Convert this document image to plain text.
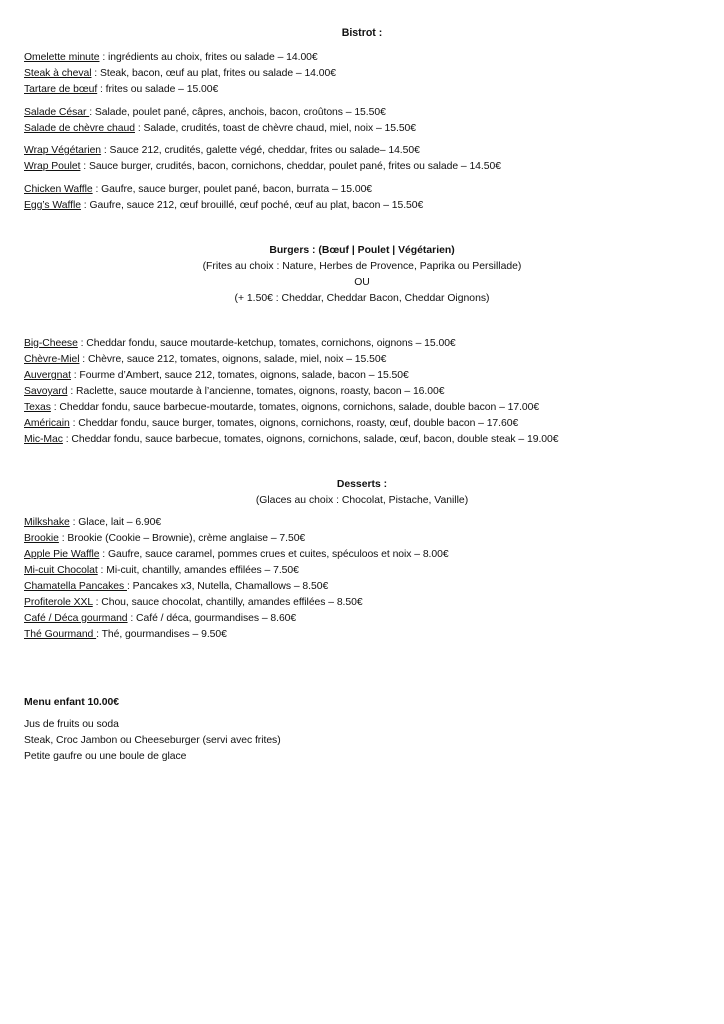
Bistrot :
Omelette minute : ingrédients au choix, frites ou salade – 14.00€
Steak à cheval : Steak, bacon, œuf au plat, frites ou salade – 14.00€
Tartare de bœuf : frites ou salade – 15.00€
Salade César : Salade, poulet pané, câpres, anchois, bacon, croûtons – 15.50€
Salade de chèvre chaud : Salade, crudités, toast de chèvre chaud, miel, noix – 15.50€
Wrap Végétarien : Sauce 212, crudités, galette végé, cheddar, frites ou salade– 14.50€
Wrap Poulet : Sauce burger, crudités, bacon, cornichons, cheddar, poulet pané, frites ou salade – 14.50€
Chicken Waffle : Gaufre, sauce burger, poulet pané, bacon, burrata – 15.00€
Egg’s Waffle : Gaufre, sauce 212, œuf brouillé, œuf poché, œuf au plat, bacon – 15.50€
Burgers : (Bœuf | Poulet | Végétarien)
(Frites au choix : Nature, Herbes de Provence, Paprika ou Persillade)
OU
(+ 1.50€ : Cheddar, Cheddar Bacon, Cheddar Oignons)
Big-Cheese : Cheddar fondu, sauce moutarde-ketchup, tomates, cornichons, oignons – 15.00€
Chèvre-Miel : Chèvre, sauce 212, tomates, oignons, salade, miel, noix – 15.50€
Auvergnat : Fourme d’Ambert, sauce 212, tomates, oignons, salade, bacon – 15.50€
Savoyard : Raclette, sauce moutarde à l’ancienne, tomates, oignons, roasty, bacon – 16.00€
Texas : Cheddar fondu, sauce barbecue-moutarde, tomates, oignons, cornichons, salade, double bacon – 17.00€
Américain : Cheddar fondu, sauce burger, tomates, oignons, cornichons, roasty, œuf, double bacon – 17.60€
Mic-Mac : Cheddar fondu, sauce barbecue, tomates, oignons, cornichons, salade, œuf, bacon, double steak – 19.00€
Desserts :
(Glaces au choix : Chocolat, Pistache, Vanille)
Milkshake : Glace, lait – 6.90€
Brookie : Brookie (Cookie – Brownie), crème anglaise – 7.50€
Apple Pie Waffle : Gaufre, sauce caramel, pommes crues et cuites, spéculoos et noix – 8.00€
Mi-cuit Chocolat : Mi-cuit, chantilly, amandes effilées – 7.50€
Chamatella Pancakes : Pancakes x3, Nutella, Chamallows – 8.50€
Profiterole XXL : Chou, sauce chocolat, chantilly, amandes effilées – 8.50€
Café / Déca gourmand : Café / déca, gourmandises – 8.60€
Thé Gourmand : Thé, gourmandises – 9.50€
Menu enfant 10.00€
Jus de fruits ou soda
Steak, Croc Jambon ou Cheeseburger (servi avec frites)
Petite gaufre ou une boule de glace
